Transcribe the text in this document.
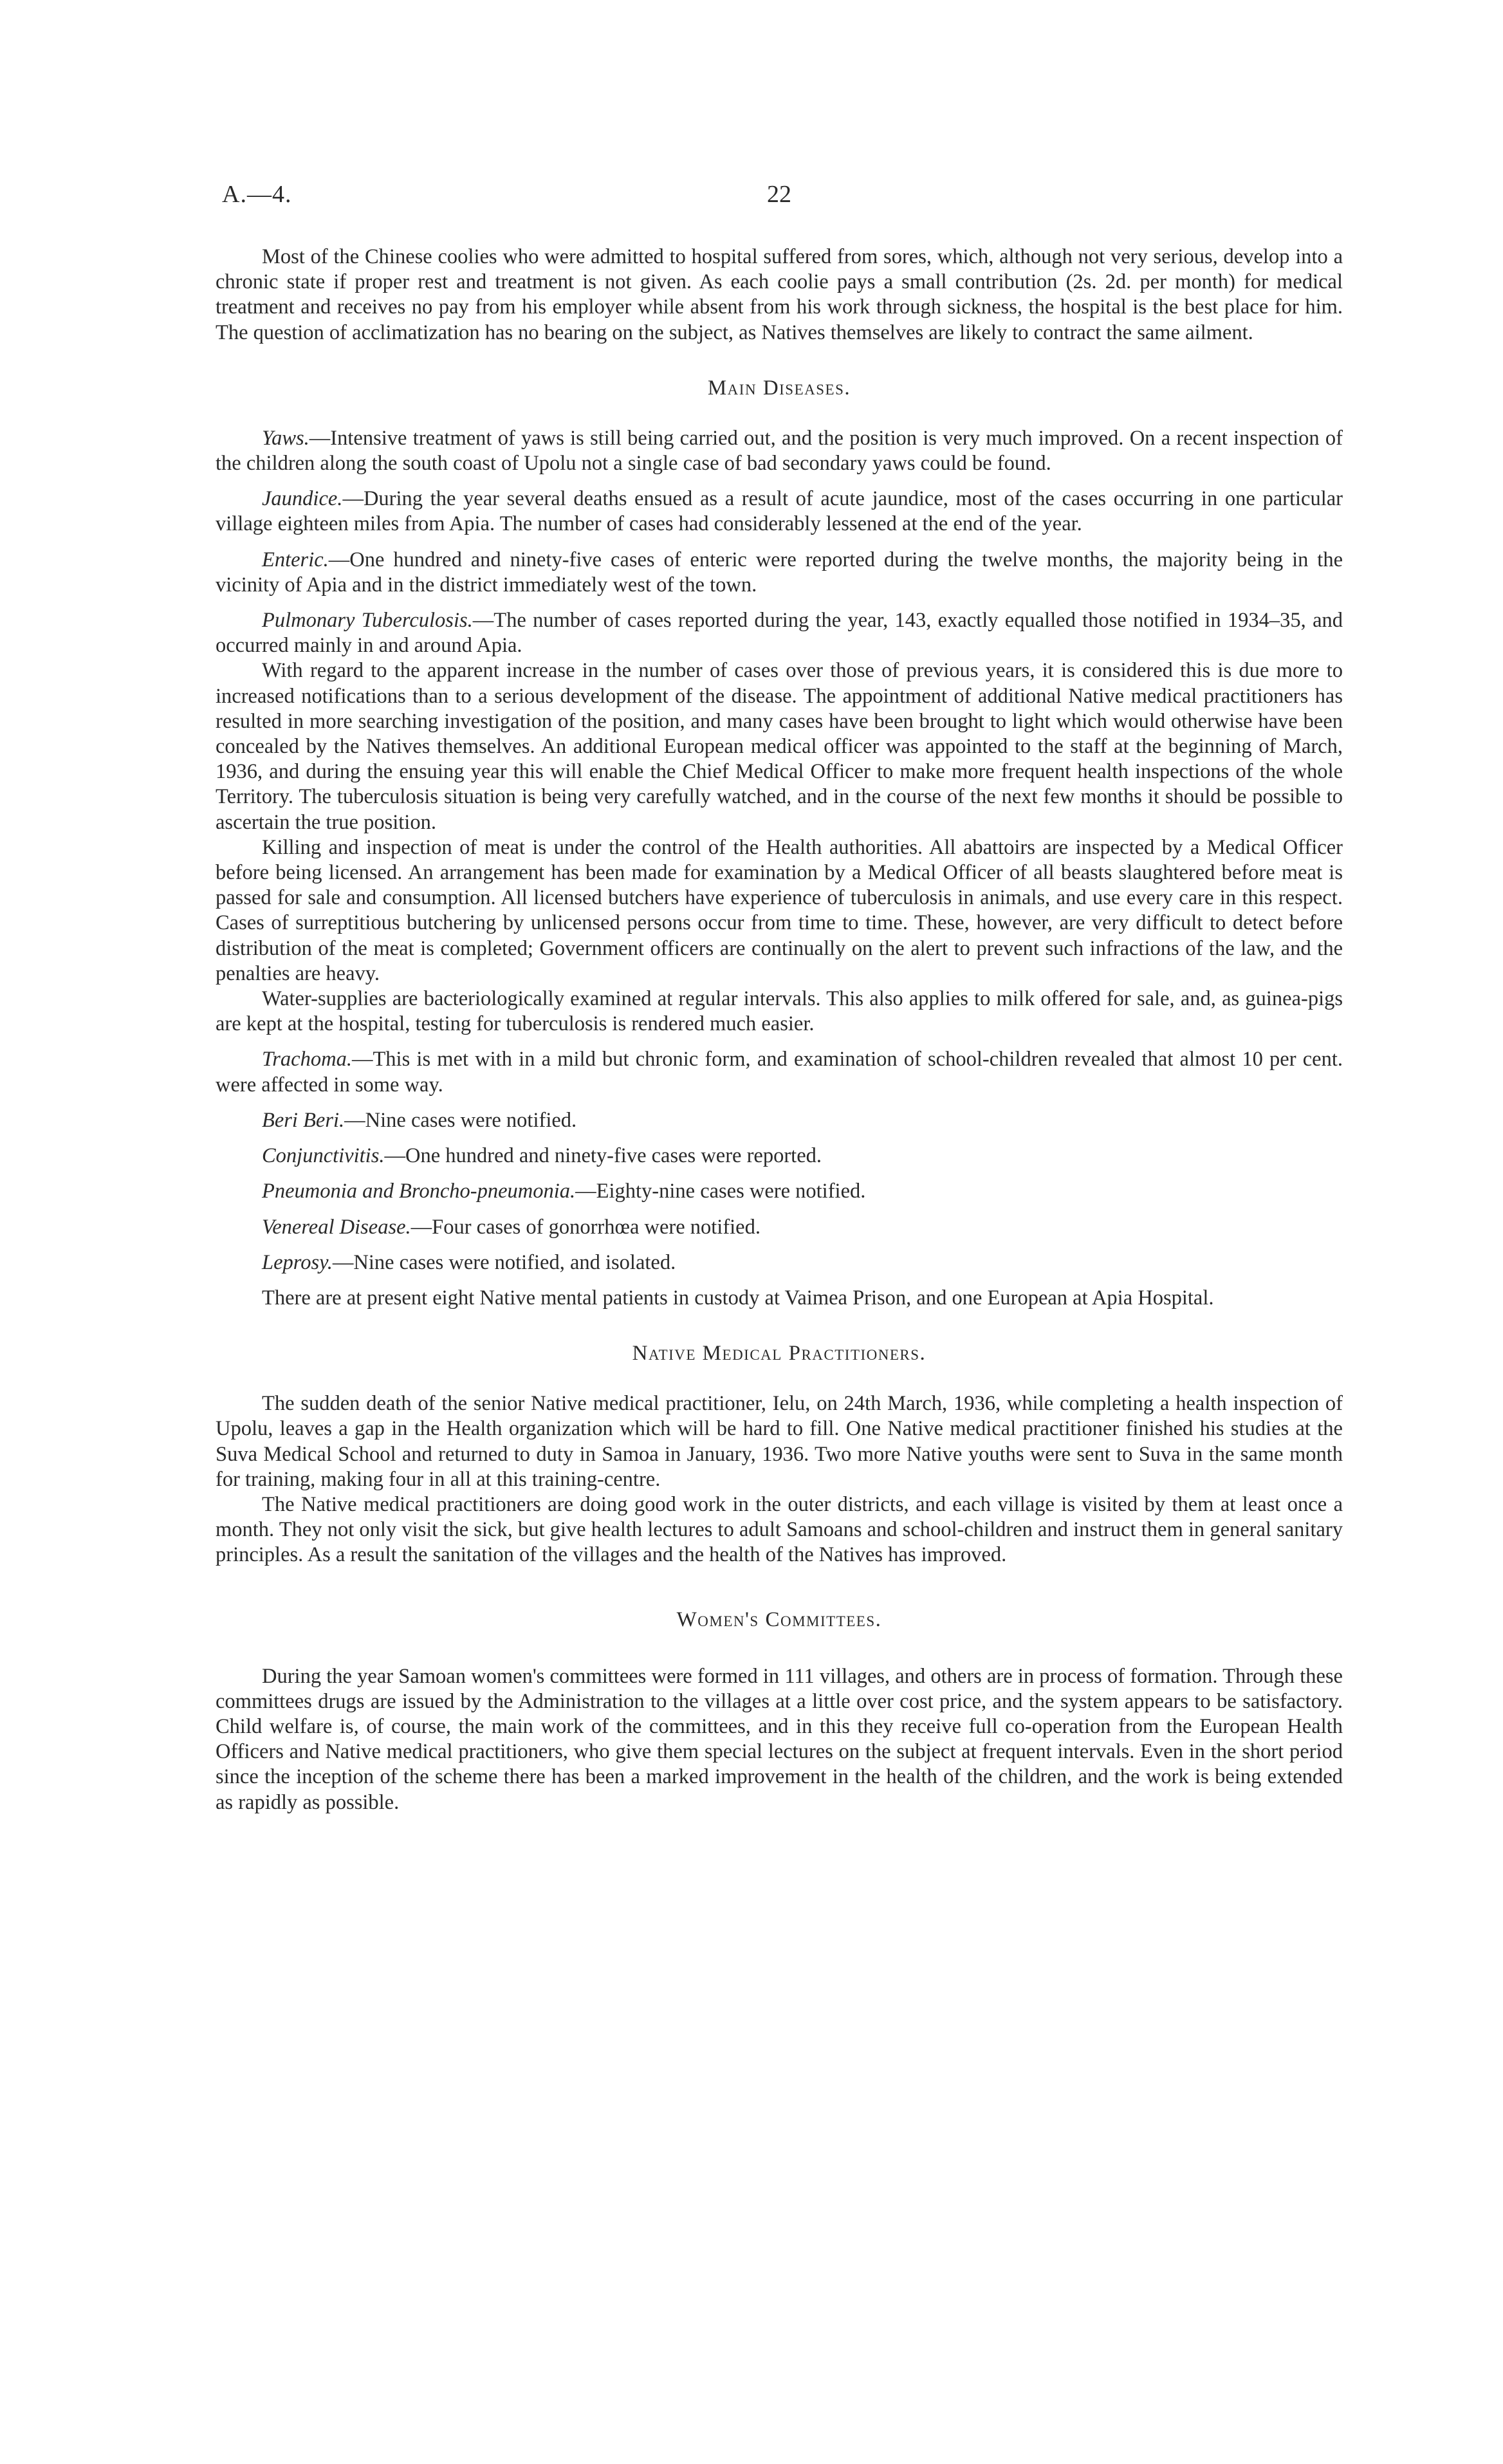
A.—4.	22

Most of the Chinese coolies who were admitted to hospital suffered from sores, which, although not very serious, develop into a chronic state if proper rest and treatment is not given. As each coolie pays a small contribution (2s. 2d. per month) for medical treatment and receives no pay from his employer while absent from his work through sickness, the hospital is the best place for him. The question of acclimatization has no bearing on the subject, as Natives themselves are likely to contract the same ailment.

Main Diseases.

Yaws.—Intensive treatment of yaws is still being carried out, and the position is very much improved. On a recent inspection of the children along the south coast of Upolu not a single case of bad secondary yaws could be found.

Jaundice.—During the year several deaths ensued as a result of acute jaundice, most of the cases occurring in one particular village eighteen miles from Apia. The number of cases had considerably lessened at the end of the year.

Enteric.—One hundred and ninety-five cases of enteric were reported during the twelve months, the majority being in the vicinity of Apia and in the district immediately west of the town.

Pulmonary Tuberculosis.—The number of cases reported during the year, 143, exactly equalled those notified in 1934–35, and occurred mainly in and around Apia.

With regard to the apparent increase in the number of cases over those of previous years, it is considered this is due more to increased notifications than to a serious development of the disease. The appointment of additional Native medical practitioners has resulted in more searching investigation of the position, and many cases have been brought to light which would otherwise have been concealed by the Natives themselves. An additional European medical officer was appointed to the staff at the beginning of March, 1936, and during the ensuing year this will enable the Chief Medical Officer to make more frequent health inspections of the whole Territory. The tuberculosis situation is being very carefully watched, and in the course of the next few months it should be possible to ascertain the true position.

Killing and inspection of meat is under the control of the Health authorities. All abattoirs are inspected by a Medical Officer before being licensed. An arrangement has been made for examination by a Medical Officer of all beasts slaughtered before meat is passed for sale and consumption. All licensed butchers have experience of tuberculosis in animals, and use every care in this respect. Cases of surreptitious butchering by unlicensed persons occur from time to time. These, however, are very difficult to detect before distribution of the meat is completed; Government officers are continually on the alert to prevent such infractions of the law, and the penalties are heavy.

Water-supplies are bacteriologically examined at regular intervals. This also applies to milk offered for sale, and, as guinea-pigs are kept at the hospital, testing for tuberculosis is rendered much easier.

Trachoma.—This is met with in a mild but chronic form, and examination of school-children revealed that almost 10 per cent. were affected in some way.

Beri Beri.—Nine cases were notified.

Conjunctivitis.—One hundred and ninety-five cases were reported.

Pneumonia and Broncho-pneumonia.—Eighty-nine cases were notified.

Venereal Disease.—Four cases of gonorrhœa were notified.

Leprosy.—Nine cases were notified, and isolated.

There are at present eight Native mental patients in custody at Vaimea Prison, and one European at Apia Hospital.

Native Medical Practitioners.

The sudden death of the senior Native medical practitioner, Ielu, on 24th March, 1936, while completing a health inspection of Upolu, leaves a gap in the Health organization which will be hard to fill. One Native medical practitioner finished his studies at the Suva Medical School and returned to duty in Samoa in January, 1936. Two more Native youths were sent to Suva in the same month for training, making four in all at this training-centre.

The Native medical practitioners are doing good work in the outer districts, and each village is visited by them at least once a month. They not only visit the sick, but give health lectures to adult Samoans and school-children and instruct them in general sanitary principles. As a result the sanitation of the villages and the health of the Natives has improved.

Women's Committees.

During the year Samoan women's committees were formed in 111 villages, and others are in process of formation. Through these committees drugs are issued by the Administration to the villages at a little over cost price, and the system appears to be satisfactory. Child welfare is, of course, the main work of the committees, and in this they receive full co-operation from the European Health Officers and Native medical practitioners, who give them special lectures on the subject at frequent intervals. Even in the short period since the inception of the scheme there has been a marked improvement in the health of the children, and the work is being extended as rapidly as possible.
